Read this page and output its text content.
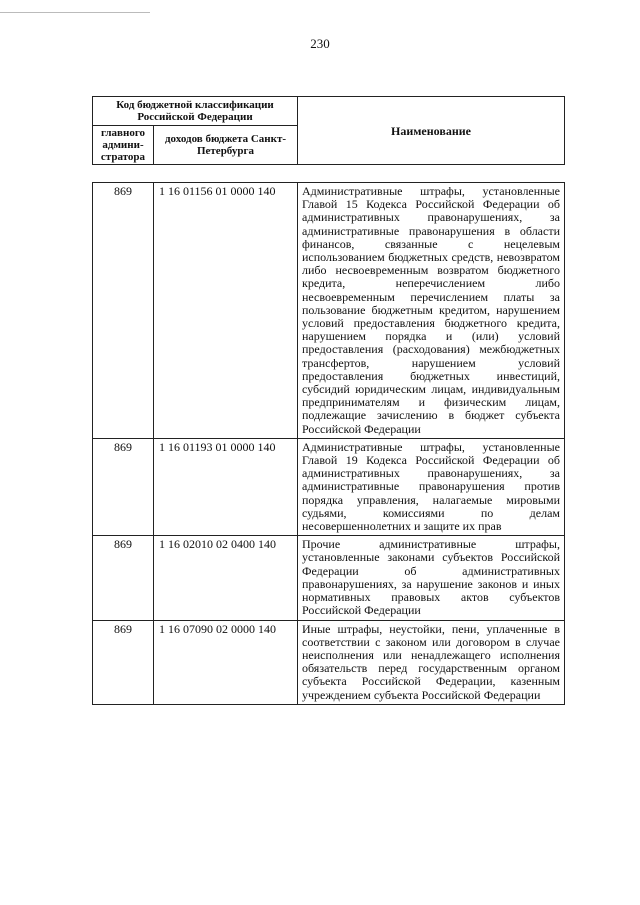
230
Код бюджетной классификации Российской Федерации		Наименование
главного админи-стратора	доходов бюджета Санкт-Петербурга	
869	1 16 01156 01 0000 140	Административные штрафы, установленные Главой 15 Кодекса Российской Федерации об административных правонарушениях, за административные правонарушения в области финансов, связанные с нецелевым использованием бюджетных средств, невозвратом либо несвоевременным возвратом бюджетного кредита, неперечислением либо несвоевременным перечислением платы за пользование бюджетным кредитом, нарушением условий предоставления бюджетного кредита, нарушением порядка и (или) условий предоставления (расходования) межбюджетных трансфертов, нарушением условий предоставления бюджетных инвестиций, субсидий юридическим лицам, индивидуальным предпринимателям и физическим лицам, подлежащие зачислению в бюджет субъекта Российской Федерации
869	1 16 01193 01 0000 140	Административные штрафы, установленные Главой 19 Кодекса Российской Федерации об административных правонарушениях, за административные правонарушения против порядка управления, налагаемые мировыми судьями, комиссиями по делам несовершеннолетних и защите их прав
869	1 16 02010 02 0400 140	Прочие административные штрафы, установленные законами субъектов Российской Федерации об административных правонарушениях, за нарушение законов и иных нормативных правовых актов субъектов Российской Федерации
869	1 16 07090 02 0000 140	Иные штрафы, неустойки, пени, уплаченные в соответствии с законом или договором в случае неисполнения или ненадлежащего исполнения обязательств перед государственным органом субъекта Российской Федерации, казенным учреждением субъекта Российской Федерации
